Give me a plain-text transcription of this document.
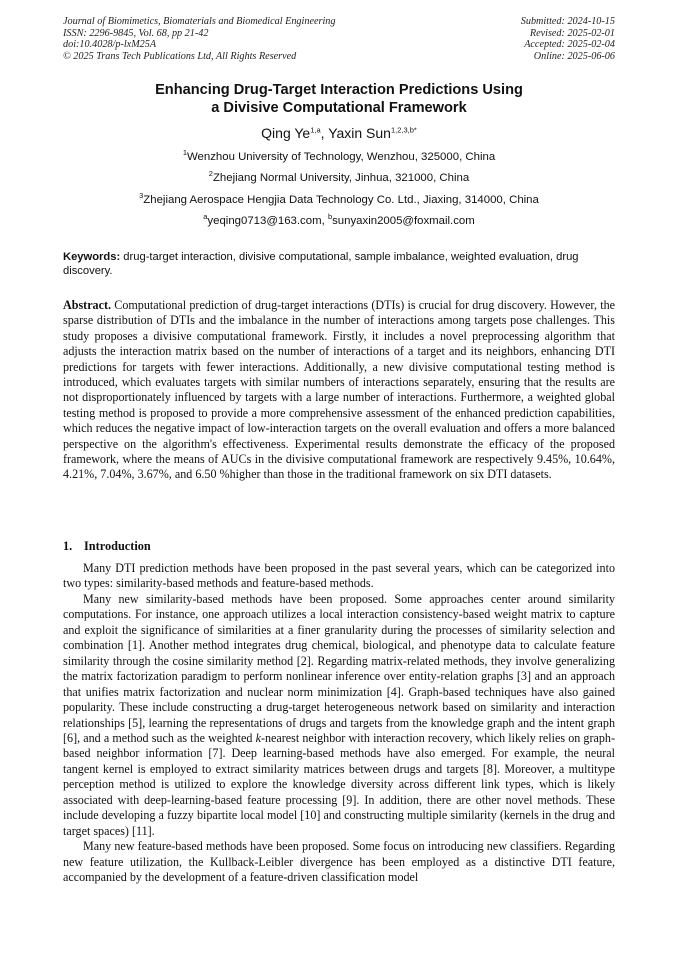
Journal of Biomimetics, Biomaterials and Biomedical Engineering
ISSN: 2296-9845, Vol. 68, pp 21-42
doi:10.4028/p-lxM25A
© 2025 Trans Tech Publications Ltd, All Rights Reserved
Submitted: 2024-10-15
Revised: 2025-02-01
Accepted: 2025-02-04
Online: 2025-06-06
Enhancing Drug-Target Interaction Predictions Using
a Divisive Computational Framework
Qing Ye$^{1,a}$, Yaxin Sun$^{1,2,3,b*}$
$^1$Wenzhou University of Technology, Wenzhou, 325000, China
$^2$Zhejiang Normal University, Jinhua, 321000, China
$^3$Zhejiang Aerospace Hengjia Data Technology Co. Ltd., Jiaxing, 314000, China
$^a$yeqing0713@163.com, $^b$sunyaxin2005@foxmail.com
Keywords: drug-target interaction, divisive computational, sample imbalance, weighted evaluation, drug discovery.
Abstract. Computational prediction of drug-target interactions (DTIs) is crucial for drug discovery. However, the sparse distribution of DTIs and the imbalance in the number of interactions among targets pose challenges. This study proposes a divisive computational framework. Firstly, it includes a novel preprocessing algorithm that adjusts the interaction matrix based on the number of interactions of a target and its neighbors, enhancing DTI predictions for targets with fewer interactions. Additionally, a new divisive computational testing method is introduced, which evaluates targets with similar numbers of interactions separately, ensuring that the results are not disproportionately influenced by targets with a large number of interactions. Furthermore, a weighted global testing method is proposed to provide a more comprehensive assessment of the enhanced prediction capabilities, which reduces the negative impact of low-interaction targets on the overall evaluation and offers a more balanced perspective on the algorithm's effectiveness. Experimental results demonstrate the efficacy of the proposed framework, where the means of AUCs in the divisive computational framework are respectively 9.45%, 10.64%, 4.21%, 7.04%, 3.67%, and 6.50 %higher than those in the traditional framework on six DTI datasets.
1. Introduction

Many DTI prediction methods have been proposed in the past several years, which can be categorized into two types: similarity-based methods and feature-based methods.

Many new similarity-based methods have been proposed. Some approaches center around similarity computations. For instance, one approach utilizes a local interaction consistency-based weight matrix to capture and exploit the significance of similarities at a finer granularity during the processes of similarity selection and combination [1]. Another method integrates drug chemical, biological, and phenotype data to calculate feature similarity through the cosine similarity method [2]. Regarding matrix-related methods, they involve generalizing the matrix factorization paradigm to perform nonlinear inference over entity-relation graphs [3] and an approach that unifies matrix factorization and nuclear norm minimization [4]. Graph-based techniques have also gained popularity. These include constructing a drug-target heterogeneous network based on similarity and interaction relationships [5], learning the representations of drugs and targets from the knowledge graph and the intent graph [6], and a method such as the weighted k-nearest neighbor with interaction recovery, which likely relies on graph-based neighbor information [7]. Deep learning-based methods have also emerged. For example, the neural tangent kernel is employed to extract similarity matrices between drugs and targets [8]. Moreover, a multitype perception method is utilized to explore the knowledge diversity across different link types, which is likely associated with deep-learning-based feature processing [9]. In addition, there are other novel methods. These include developing a fuzzy bipartite local model [10] and constructing multiple similarity (kernels in the drug and target spaces) [11].

Many new feature-based methods have been proposed. Some focus on introducing new classifiers. Regarding new feature utilization, the Kullback-Leibler divergence has been employed as a distinctive DTI feature, accompanied by the development of a feature-driven classification model
